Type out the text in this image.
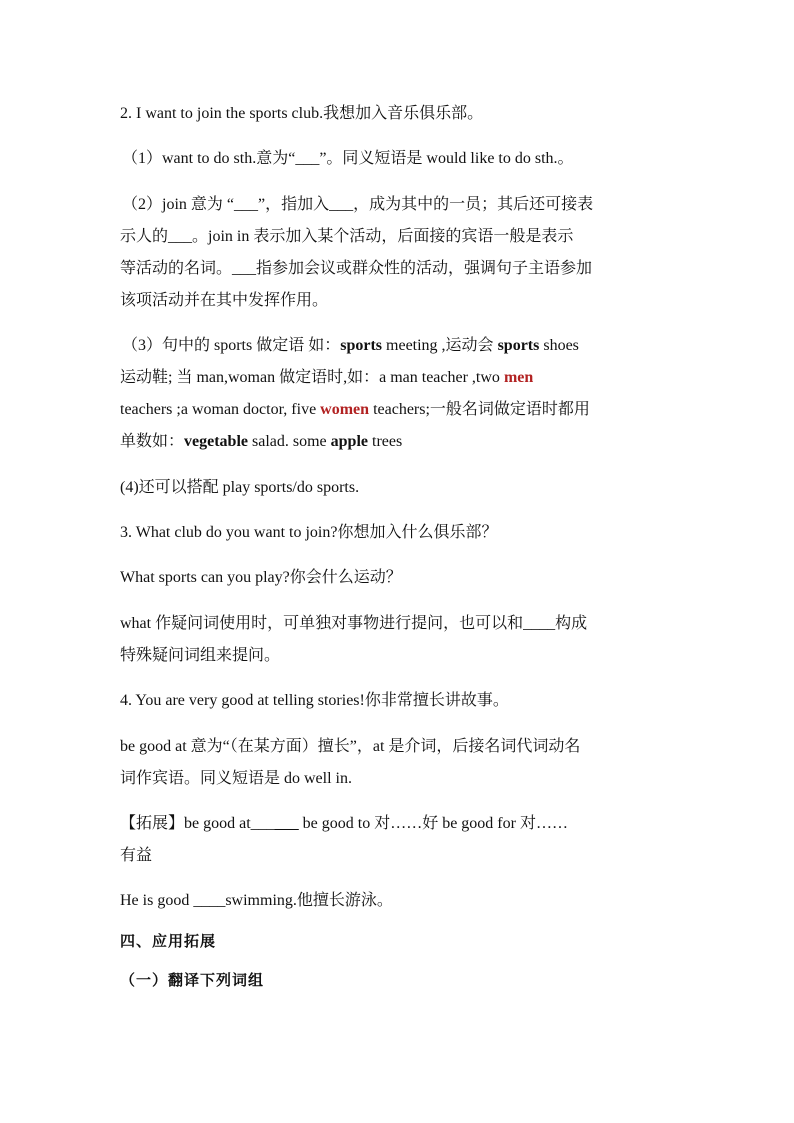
2. I want to join the sports club.我想加入音乐俱乐部。
（1）want to do sth.意为“___”。同义短语是 would like to do sth.。
（2）join 意为 “___”，指加入___，成为其中的一员；其后还可接表
示人的___。join in 表示加入某个活动，后面接的宾语一般是表示
等活动的名词。___指参加会议或群众性的活动，强调句子主语参加
该项活动并在其中发挥作用。
（3）句中的 sports 做定语 如：sports meeting ,运动会 sports shoes
运动鞋; 当 man,woman 做定语时,如：a man teacher ,two men
teachers ;a woman doctor, five women teachers;一般名词做定语时都用
单数如：vegetable salad. some apple trees
(4)还可以搭配 play sports/do sports.
3. What club do you want to join?你想加入什么俱乐部？
What sports can you play?你会什么运动？
what 作疑问词使用时，可单独对事物进行提问，也可以和____构成
特殊疑问词组来提问。
4. You are very good at telling stories!你非常擅长讲故事。
be good at 意为“（在某方面）擅长”，at 是介词，后接名词代词动名
词作宾语。同义短语是 do well in.
【拓展】be good at______ be good to 对……好 be good for 对……
有益
He is good ____swimming.他擅长游泳。
四、应用拓展
（一）翻译下列词组
